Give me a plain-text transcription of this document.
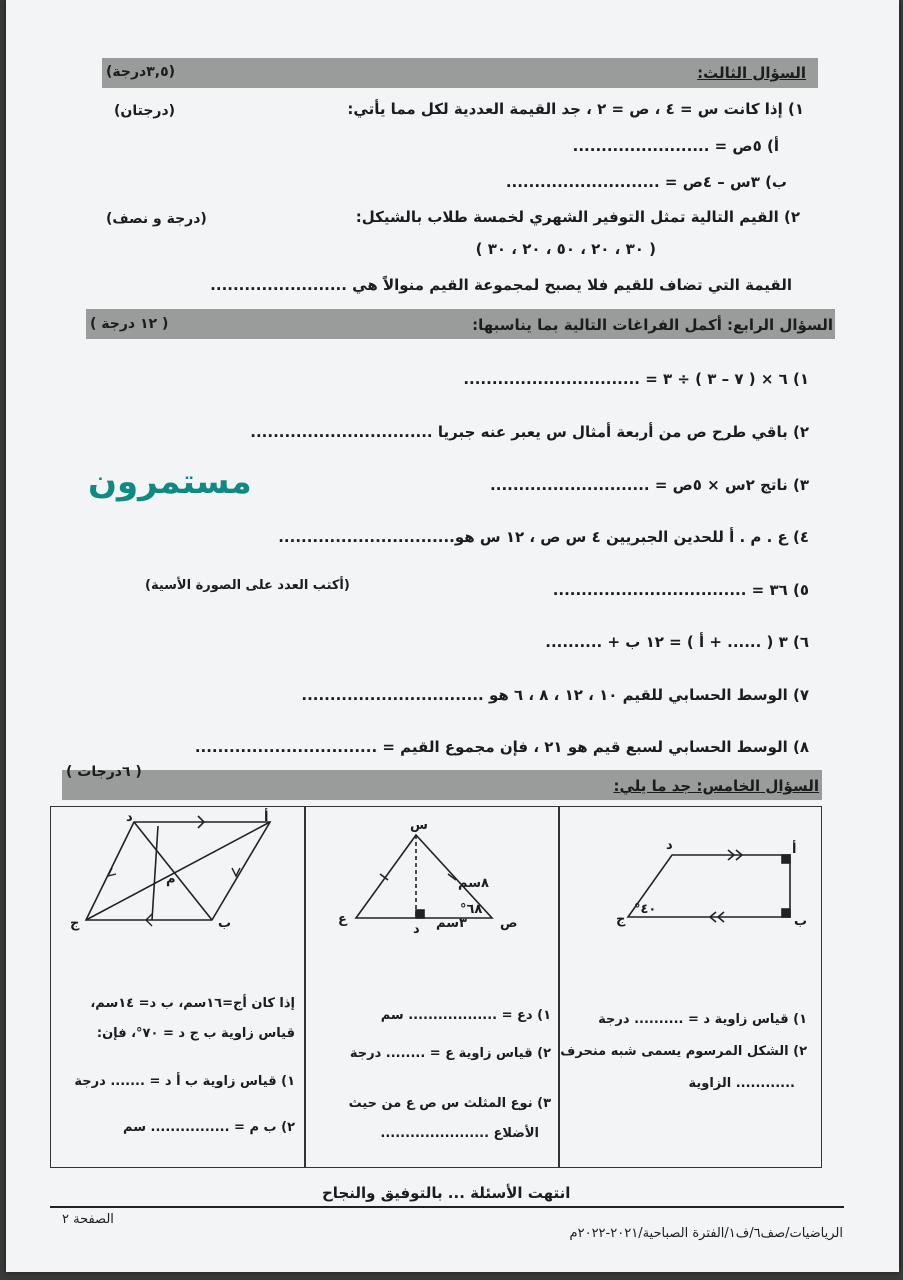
السؤال الثالث:
(٣,٥درجة)
١) إذا كانت س = ٤ ، ص = ٢ ، جد القيمة العددية لكل مما يأتي:
(درجتان)
أ) ٥ص = ........................
ب) ٣س – ٤ص = ...........................
٢) القيم التالية تمثل التوفير الشهري لخمسة طلاب بالشيكل:
(درجة و نصف)
( ٣٠ ، ٢٠ ، ٥٠ ، ٢٠ ، ٣٠ )
القيمة التي تضاف للقيم فلا يصبح لمجموعة القيم منوالاً هي ........................
السؤال الرابع: أكمل الفراغات التالية بما يناسبها:
( ١٢ درجة )
١) ٦ × ( ٧ – ٣ ) ÷ ٣ = ...............................
٢) باقي طرح ص من أربعة أمثال س يعبر عنه جبريا ................................
٣) ناتج ٢س × ٥ص = ............................
مستمرون
٤) ع . م . أ للحدين الجبريين ٤ س ص ، ١٢ س هو...............................
٥) ٣٦ = ..................................
(أكتب العدد على الصورة الأسية)
٦) ٣ ( ...... + أ ) = ١٢ ب + ..........
٧) الوسط الحسابي للقيم ١٠ ، ١٢ ، ٨ ، ٦ هو ................................
٨) الوسط الحسابي لسبع قيم هو ٢١ ، فإن مجموع القيم = ................................
السؤال الخامس: جد ما يلي:
( ٦درجات )
أ
د
ج	ب
م
س
ع	ص
د
٨سم
٦٨°
٣سم
أ
د
ب
ج
٤٠°
١) قياس زاوية د = .......... درجة
٢) الشكل المرسوم يسمى شبه منحرف
............ الزاوية
١) دع = .................. سم
٢) قياس زاوية ع = ........ درجة
٣) نوع المثلث س ص ع من حيث
الأضلاع ......................
إذا كان أج=١٦سم، ب د= ١٤سم،
قياس زاوية ب ج د = ٧٠°، فإن:
١) قياس زاوية ب أ د = ....... درجة
٢) ب م = ................ سم
انتهت الأسئلة ... بالتوفيق والنجاح
الصفحة ٢
الرياضيات/صف٦/ف١/الفترة الصباحية/٢٠٢١-٢٠٢٢م
